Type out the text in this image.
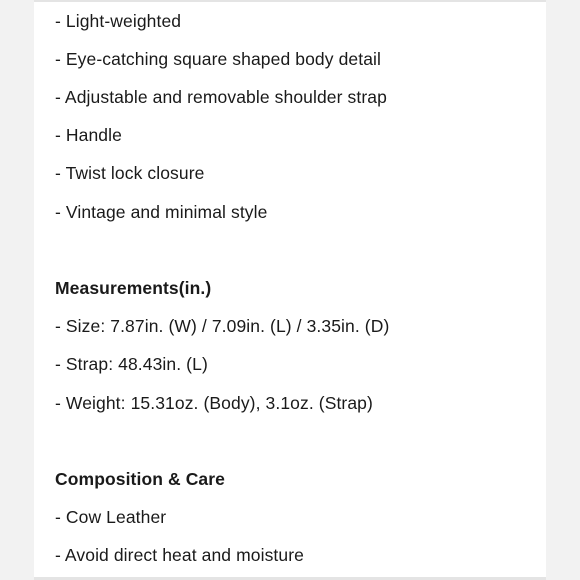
- Light-weighted
- Eye-catching square shaped body detail
- Adjustable and removable shoulder strap
- Handle
- Twist lock closure
- Vintage and minimal style
Measurements(in.)
- Size: 7.87in. (W) / 7.09in. (L) / 3.35in. (D)
- Strap: 48.43in. (L)
- Weight: 15.31oz. (Body), 3.1oz. (Strap)
Composition & Care
- Cow Leather
- Avoid direct heat and moisture
